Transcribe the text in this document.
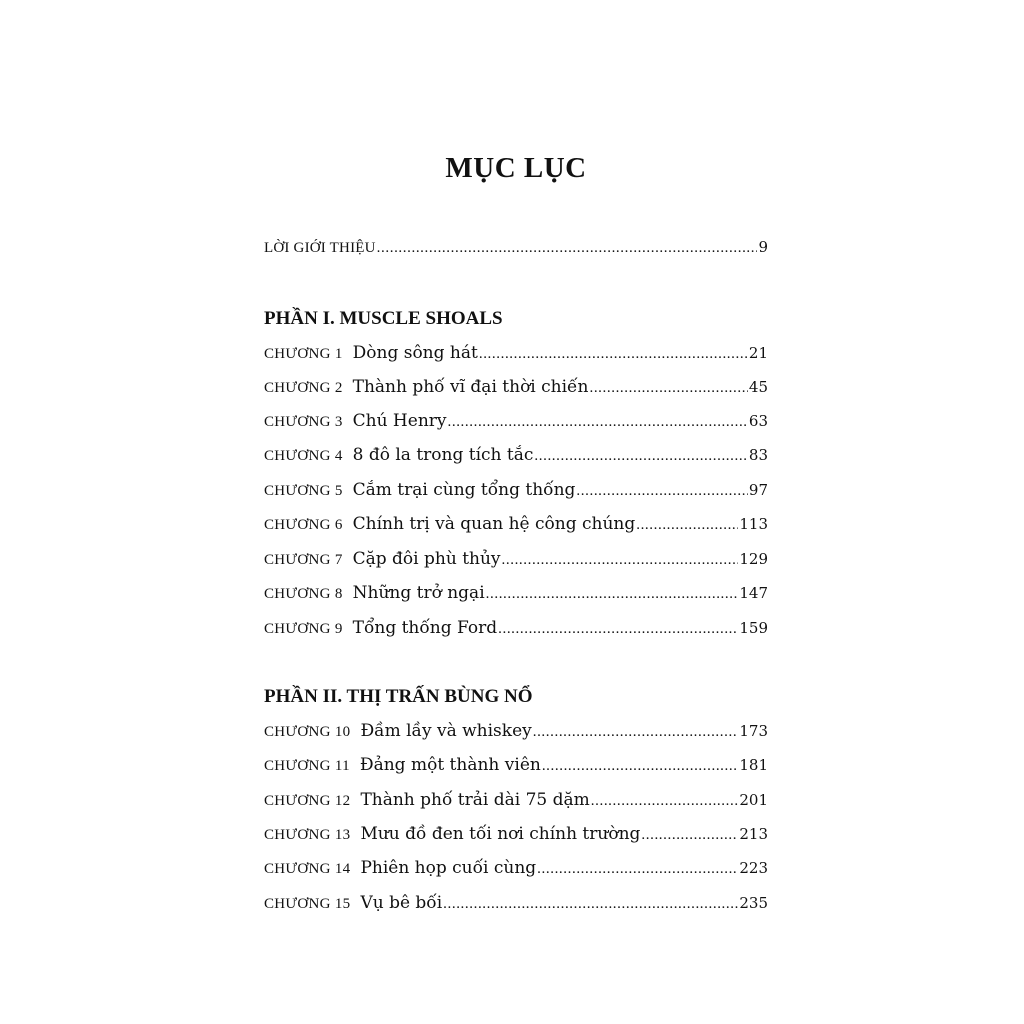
MỤC LỤC
LỜI GIỚI THIỆU .....	9
PHẦN I. MUSCLE SHOALS
CHƯƠNG 1 Dòng sông hát .....	21
CHƯƠNG 2 Thành phố vĩ đại thời chiến .....	45
CHƯƠNG 3 Chú Henry .....	63
CHƯƠNG 4 8 đô la trong tích tắc .....	83
CHƯƠNG 5 Cắm trại cùng tổng thống .....	97
CHƯƠNG 6 Chính trị và quan hệ công chúng .....	113
CHƯƠNG 7 Cặp đôi phù thủy .....	129
CHƯƠNG 8 Những trở ngại .....	147
CHƯƠNG 9 Tổng thống Ford .....	159
PHẦN II. THỊ TRẤN BÙNG NỔ
CHƯƠNG 10 Đầm lầy và whiskey .....	173
CHƯƠNG 11 Đảng một thành viên .....	181
CHƯƠNG 12 Thành phố trải dài 75 dặm .....	201
CHƯƠNG 13 Mưu đồ đen tối nơi chính trường .....	213
CHƯƠNG 14 Phiên họp cuối cùng .....	223
CHƯƠNG 15 Vụ bê bối .....	235
